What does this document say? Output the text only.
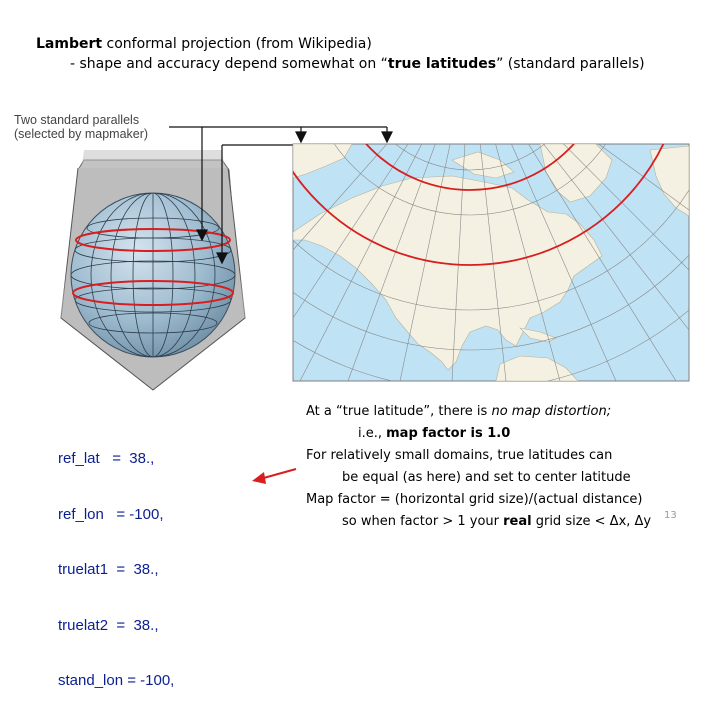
Lambert conformal projection (from Wikipedia)
- shape and accuracy depend somewhat on “true latitudes” (standard parallels)
Two standard parallels
(selected by mapmaker)

ref_lat   =  38.,

ref_lon   = -100,

truelat1  =  38.,

truelat2  =  38.,

stand_lon = -100,

At a “true latitude”, there is no map distortion;
i.e., map factor is 1.0
For relatively small domains, true latitudes can
be equal (as here) and set to center latitude
Map factor = (horizontal grid size)/(actual distance)
so when factor > 1 your real grid size < Δx, Δy	13
